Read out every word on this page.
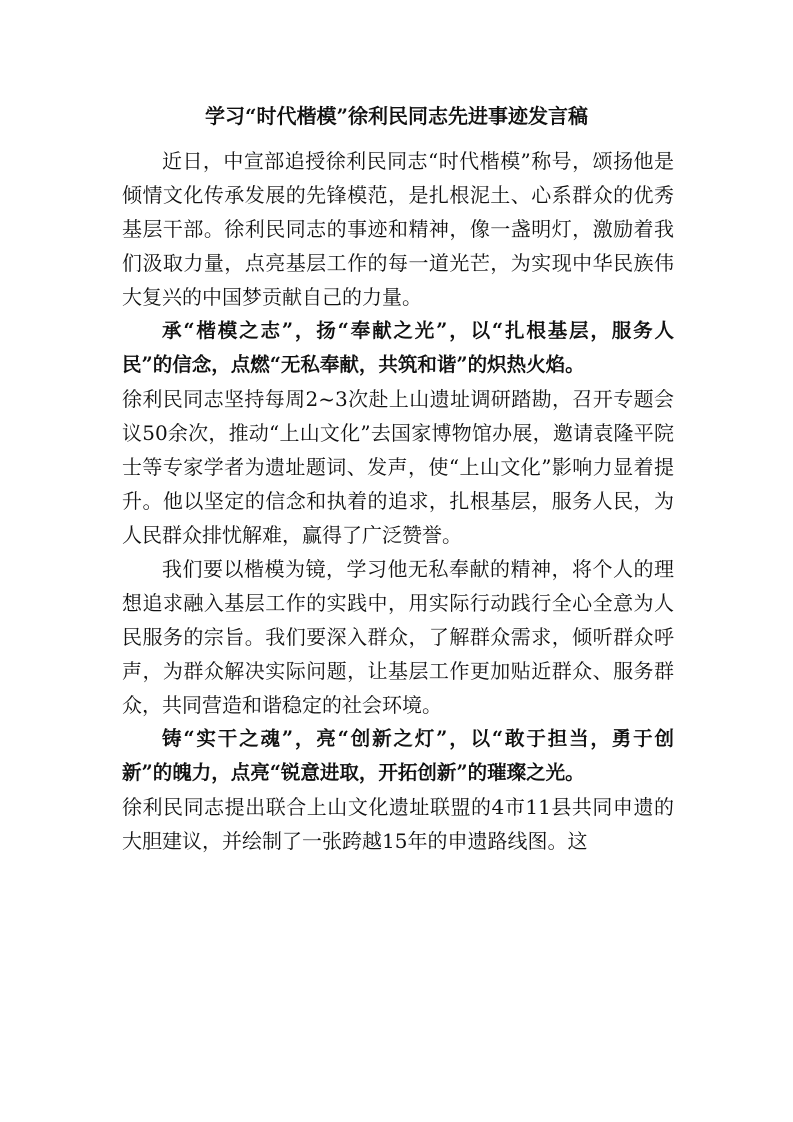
学习“时代楷模”徐利民同志先进事迹发言稿

近日，中宣部追授徐利民同志“时代楷模”称号，颂扬他是倾情文化传承发展的先锋模范，是扎根泥土、心系群众的优秀基层干部。徐利民同志的事迹和精神，像一盏明灯，激励着我们汲取力量，点亮基层工作的每一道光芒，为实现中华民族伟大复兴的中国梦贡献自己的力量。

承“楷模之志”，扬“奉献之光”，以“扎根基层，服务人民”的信念，点燃“无私奉献，共筑和谐”的炽热火焰。

徐利民同志坚持每周2~3次赴上山遗址调研踏勘，召开专题会议50余次，推动“上山文化”去国家博物馆办展，邀请袁隆平院士等专家学者为遗址题词、发声，使“上山文化”影响力显着提升。他以坚定的信念和执着的追求，扎根基层，服务人民，为人民群众排忧解难，赢得了广泛赞誉。

我们要以楷模为镜，学习他无私奉献的精神，将个人的理想追求融入基层工作的实践中，用实际行动践行全心全意为人民服务的宗旨。我们要深入群众，了解群众需求，倾听群众呼声，为群众解决实际问题，让基层工作更加贴近群众、服务群众，共同营造和谐稳定的社会环境。

铸“实干之魂”，亮“创新之灯”，以“敢于担当，勇于创新”的魄力，点亮“锐意进取，开拓创新”的璀璨之光。

徐利民同志提出联合上山文化遗址联盟的4市11县共同申遗的大胆建议，并绘制了一张跨越15年的申遗路线图。这
